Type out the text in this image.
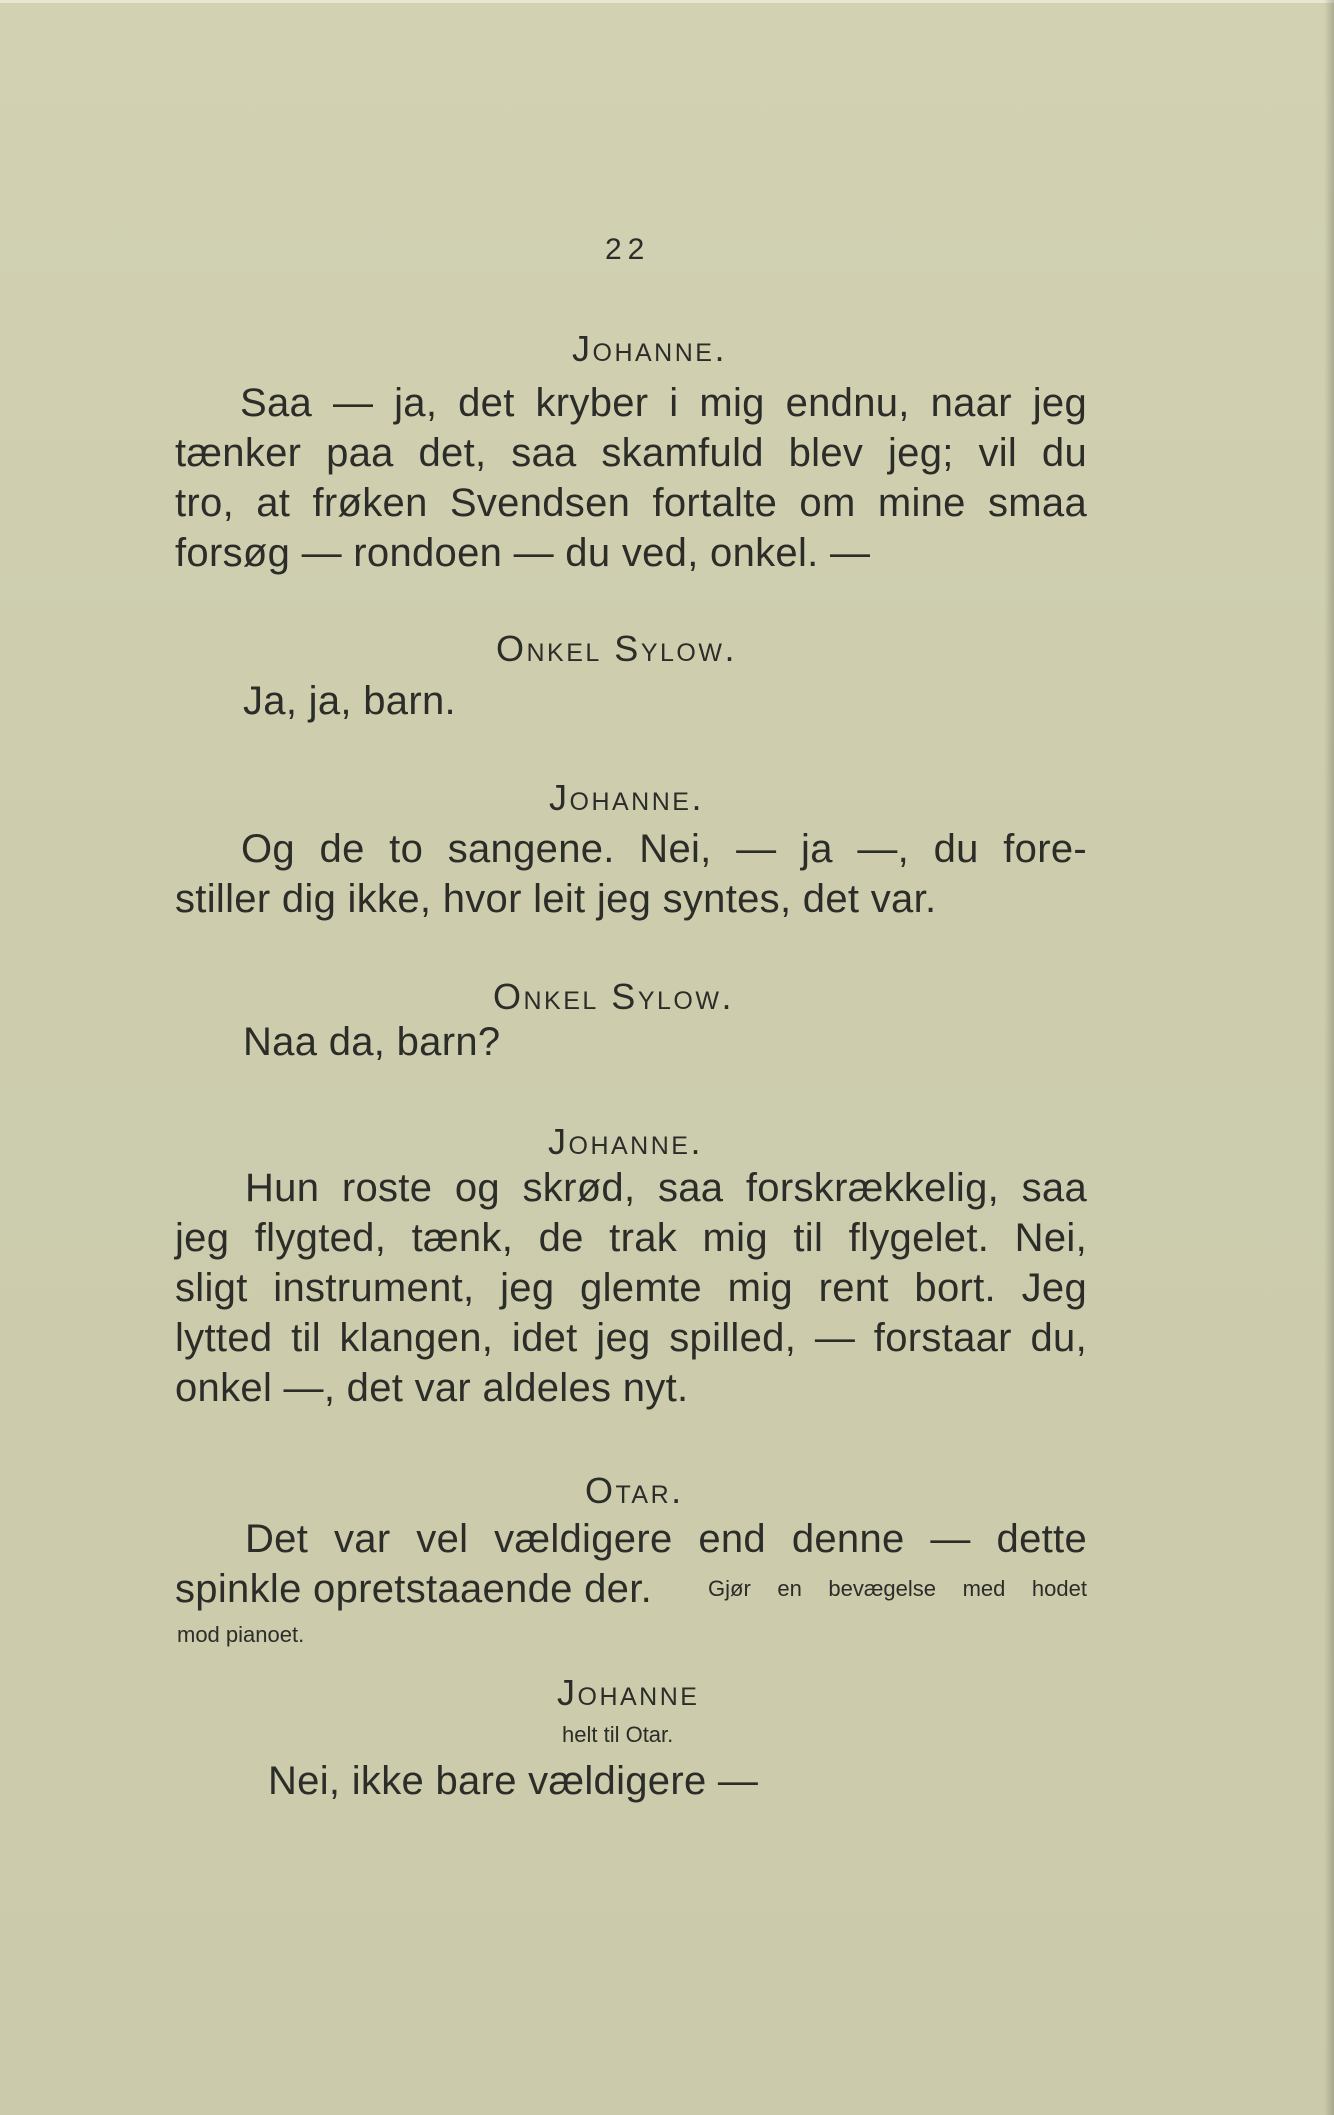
22
Johanne.
Saa — ja, det kryber i mig endnu, naar jeg
tænker paa det, saa skamfuld blev jeg; vil du
tro, at frøken Svendsen fortalte om mine smaa
forsøg — rondoen — du ved, onkel. —
Onkel Sylow.
Ja, ja, barn.
Johanne.
Og de to sangene. Nei, — ja —, du fore-
stiller dig ikke, hvor leit jeg syntes, det var.
Onkel Sylow.
Naa da, barn?
Johanne.
Hun roste og skrød, saa forskrækkelig, saa
jeg flygted, tænk, de trak mig til flygelet. Nei,
sligt instrument, jeg glemte mig rent bort. Jeg
lytted til klangen, idet jeg spilled, — forstaar du,
onkel —, det var aldeles nyt.
Otar.
Det var vel vældigere end denne — dette
spinkle opretstaaende der.	Gjør en bevægelse med hodet
mod pianoet.
Johanne
helt til Otar.
Nei, ikke bare vældigere —
